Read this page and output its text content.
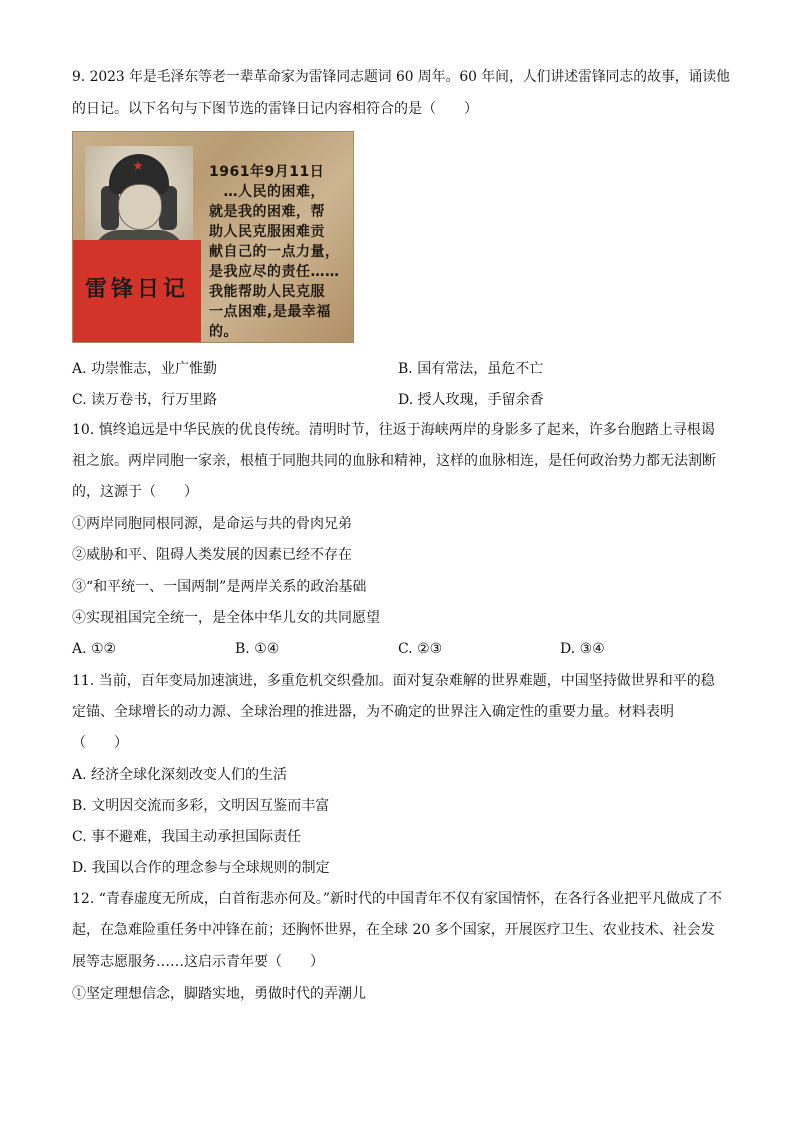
9. 2023 年是毛泽东等老一辈革命家为雷锋同志题词 60 周年。60 年间，人们讲述雷锋同志的故事，诵读他
的日记。以下名句与下图节选的雷锋日记内容相符合的是（　　）
★
雷锋日记
1961年9月11日
　…人民的困难，
就是我的困难，帮
助人民克服困难贡
献自己的一点力量，
是我应尽的责任……
我能帮助人民克服
一点困难,是最幸福
的。
A. 功崇惟志，业广惟勤	B. 国有常法，虽危不亡
C. 读万卷书，行万里路	D. 授人玫瑰，手留余香
10. 慎终追远是中华民族的优良传统。清明时节，往返于海峡两岸的身影多了起来，许多台胞踏上寻根谒
祖之旅。两岸同胞一家亲，根植于同胞共同的血脉和精神，这样的血脉相连，是任何政治势力都无法割断
的，这源于（　　）
①两岸同胞同根同源，是命运与共的骨肉兄弟
②威胁和平、阻碍人类发展的因素已经不存在
③“和平统一、一国两制”是两岸关系的政治基础
④实现祖国完全统一，是全体中华儿女的共同愿望
A. ①②	B. ①④	C. ②③	D. ③④
11. 当前，百年变局加速演进，多重危机交织叠加。面对复杂难解的世界难题，中国坚持做世界和平的稳
定锚、全球增长的动力源、全球治理的推进器，为不确定的世界注入确定性的重要力量。材料表明
（　　）
A. 经济全球化深刻改变人们的生活
B. 文明因交流而多彩，文明因互鉴而丰富
C. 事不避难，我国主动承担国际责任
D. 我国以合作的理念参与全球规则的制定
12. “青春虚度无所成，白首衔悲亦何及。”新时代的中国青年不仅有家国情怀，在各行各业把平凡做成了不
起，在急难险重任务中冲锋在前；还胸怀世界，在全球 20 多个国家，开展医疗卫生、农业技术、社会发
展等志愿服务……这启示青年要（　　）
①坚定理想信念，脚踏实地，勇做时代的弄潮儿
